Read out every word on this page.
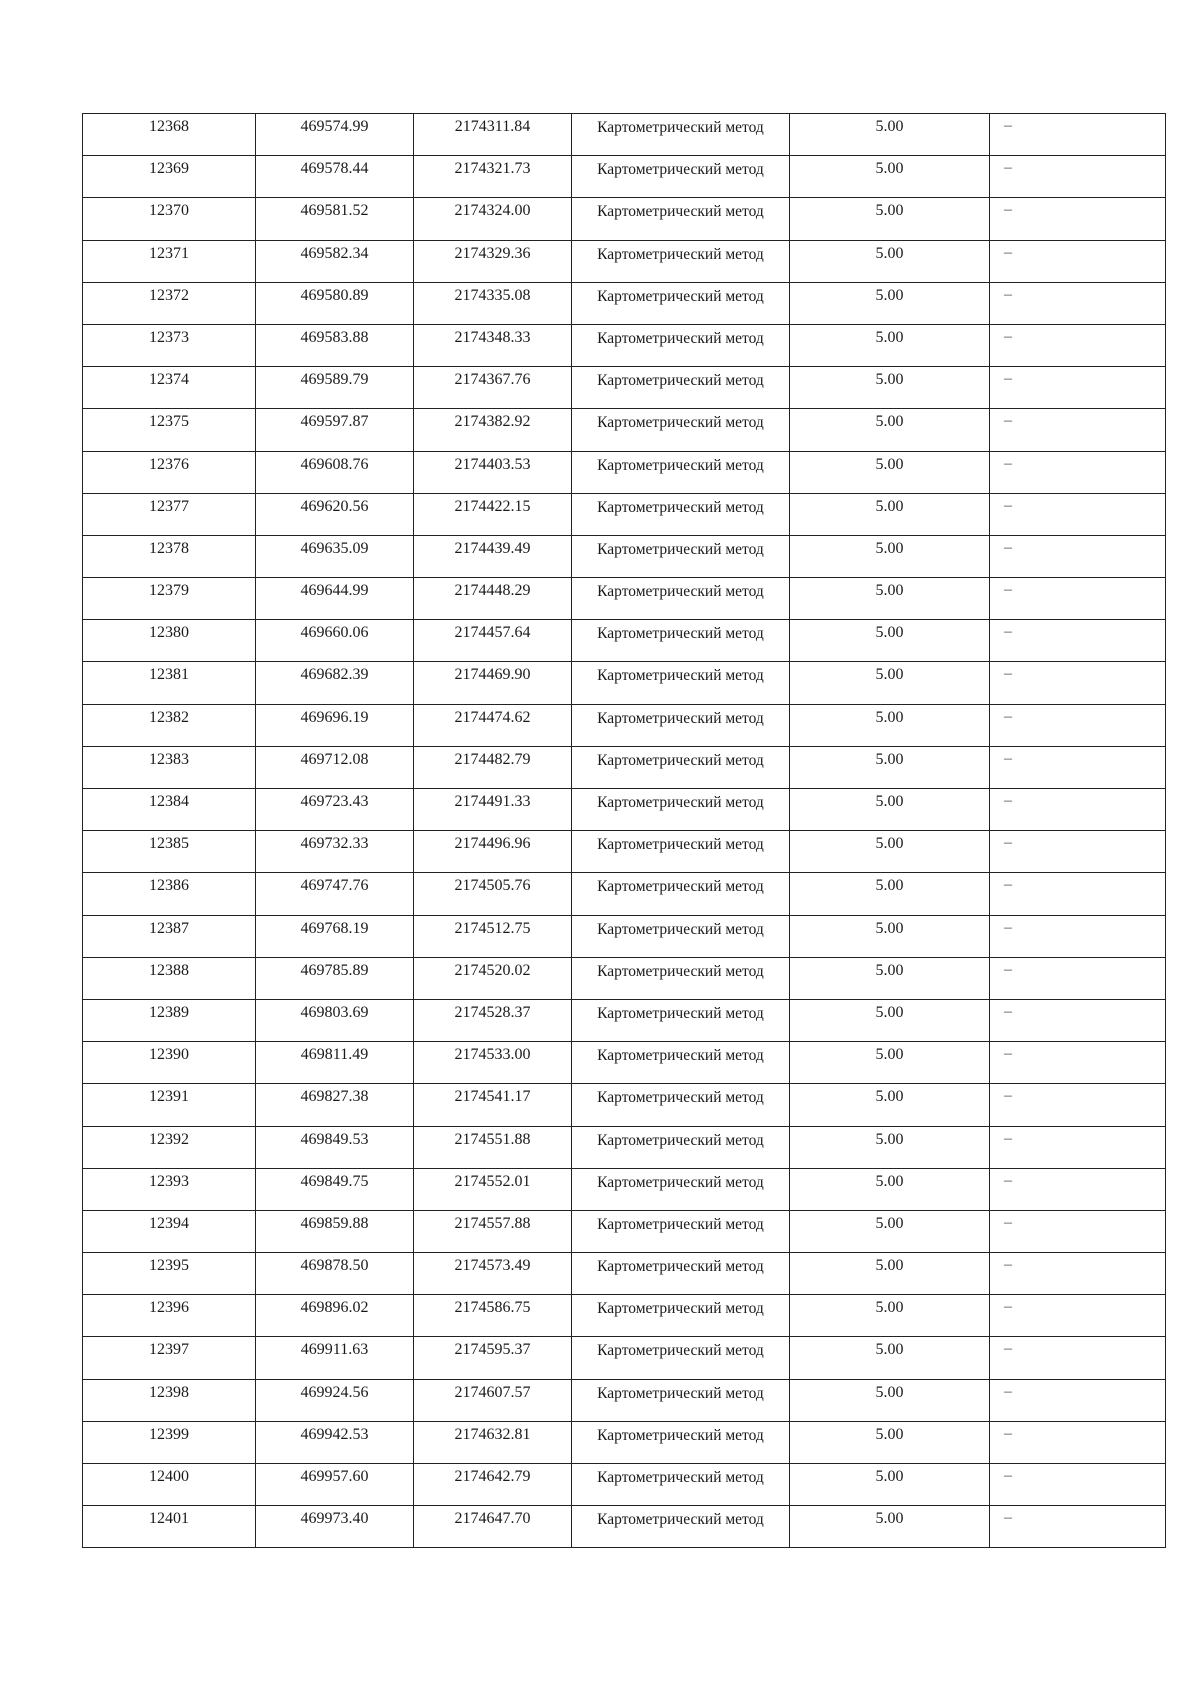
12368	469574.99	2174311.84	Картометрический метод	5.00	–

12369	469578.44	2174321.73	Картометрический метод	5.00	–

12370	469581.52	2174324.00	Картометрический метод	5.00	–

12371	469582.34	2174329.36	Картометрический метод	5.00	–

12372	469580.89	2174335.08	Картометрический метод	5.00	–

12373	469583.88	2174348.33	Картометрический метод	5.00	–

12374	469589.79	2174367.76	Картометрический метод	5.00	–

12375	469597.87	2174382.92	Картометрический метод	5.00	–

12376	469608.76	2174403.53	Картометрический метод	5.00	–

12377	469620.56	2174422.15	Картометрический метод	5.00	–

12378	469635.09	2174439.49	Картометрический метод	5.00	–

12379	469644.99	2174448.29	Картометрический метод	5.00	–

12380	469660.06	2174457.64	Картометрический метод	5.00	–

12381	469682.39	2174469.90	Картометрический метод	5.00	–

12382	469696.19	2174474.62	Картометрический метод	5.00	–

12383	469712.08	2174482.79	Картометрический метод	5.00	–

12384	469723.43	2174491.33	Картометрический метод	5.00	–

12385	469732.33	2174496.96	Картометрический метод	5.00	–

12386	469747.76	2174505.76	Картометрический метод	5.00	–

12387	469768.19	2174512.75	Картометрический метод	5.00	–

12388	469785.89	2174520.02	Картометрический метод	5.00	–

12389	469803.69	2174528.37	Картометрический метод	5.00	–

12390	469811.49	2174533.00	Картометрический метод	5.00	–

12391	469827.38	2174541.17	Картометрический метод	5.00	–

12392	469849.53	2174551.88	Картометрический метод	5.00	–

12393	469849.75	2174552.01	Картометрический метод	5.00	–

12394	469859.88	2174557.88	Картометрический метод	5.00	–

12395	469878.50	2174573.49	Картометрический метод	5.00	–

12396	469896.02	2174586.75	Картометрический метод	5.00	–

12397	469911.63	2174595.37	Картометрический метод	5.00	–

12398	469924.56	2174607.57	Картометрический метод	5.00	–

12399	469942.53	2174632.81	Картометрический метод	5.00	–

12400	469957.60	2174642.79	Картометрический метод	5.00	–

12401	469973.40	2174647.70	Картометрический метод	5.00	–
